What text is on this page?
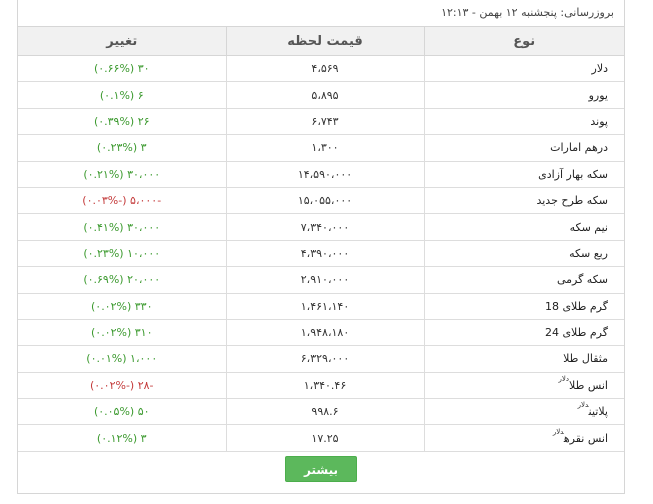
بروزرسانی: پنجشنبه ۱۲ بهمن - ۱۲:۱۳
نوع	قیمت لحظه	تغییر
دلار	۴،۵۶۹	۳۰ (۰.۶۶%)
یورو	۵،۸۹۵	۶ (۰.۱%)
پوند	۶،۷۴۳	۲۶ (۰.۳۹%)
درهم امارات	۱،۳۰۰	۳ (۰.۲۳%)
سکه بهار آزادی	۱۴،۵۹۰،۰۰۰	۳۰،۰۰۰ (۰.۲۱%)
سکه طرح جدید	۱۵،۰۵۵،۰۰۰	-۵،۰۰۰ (-۰.۰۳%)
نیم سکه	۷،۳۴۰،۰۰۰	۳۰،۰۰۰ (۰.۴۱%)
ربع سکه	۴،۳۹۰،۰۰۰	۱۰،۰۰۰ (۰.۲۳%)
سکه گرمی	۲،۹۱۰،۰۰۰	۲۰،۰۰۰ (۰.۶۹%)
گرم طلای 18	۱،۴۶۱،۱۴۰	۳۳۰ (۰.۰۲%)
گرم طلای 24	۱،۹۴۸،۱۸۰	۳۱۰ (۰.۰۲%)
مثقال طلا	۶،۳۲۹،۰۰۰	۱،۰۰۰ (۰.۰۱%)
انس طلا$^{دلار}$	۱،۳۴۰.۴۶	-۲۸ (-۰.۰۲%)
پلاتین$^{دلار}$	۹۹۸.۶	۵۰ (۰.۰۵%)
انس نقره$^{دلار}$	۱۷.۲۵	۳ (۰.۱۲%)
بیشتر
